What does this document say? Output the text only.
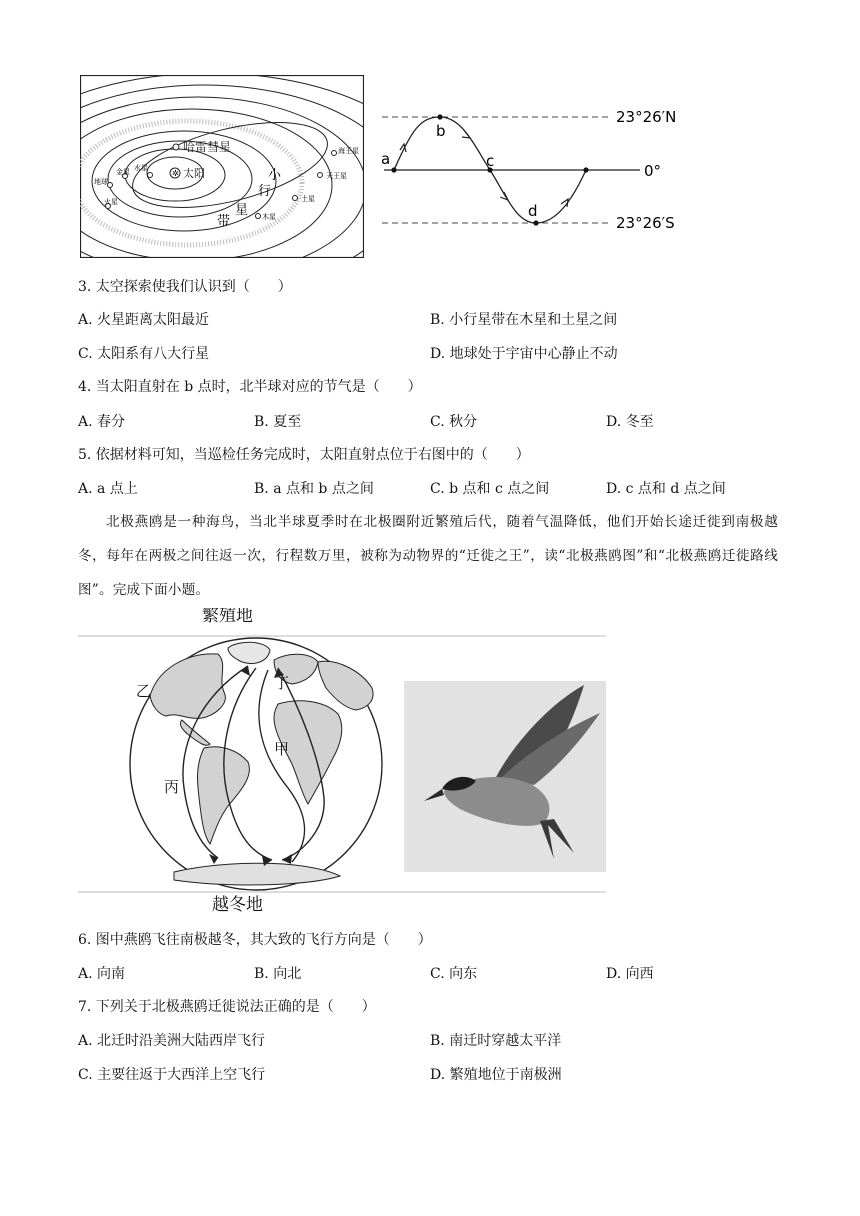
✲ 太阳
哈雷彗星
水星
金星
地球
火星
木星
土星
天王星
海王星
小
行
星
带
a
b
c
d
23°26′N
0°
23°26′S
3. 太空探索使我们认识到（　　）
A. 火星距离太阳最近	B. 小行星带在木星和土星之间
C. 太阳系有八大行星	D. 地球处于宇宙中心静止不动
4. 当太阳直射在 b 点时，北半球对应的节气是（　　）
A. 春分	B. 夏至	C. 秋分	D. 冬至
5. 依据材料可知，当巡检任务完成时，太阳直射点位于右图中的（　　）
A. a 点上	B. a 点和 b 点之间	C. b 点和 c 点之间	D. c 点和 d 点之间
北极燕鸥是一种海鸟，当北半球夏季时在北极圈附近繁殖后代，随着气温降低，他们开始长途迁徙到南极越冬，每年在两极之间往返一次，行程数万里，被称为动物界的“迁徙之王”，读“北极燕鸥图”和“北极燕鸥迁徙路线图”。完成下面小题。
繁殖地
越冬地
乙	丁
甲
丙
6. 图中燕鸥飞往南极越冬，其大致的飞行方向是（　　）
A. 向南	B. 向北	C. 向东	D. 向西
7. 下列关于北极燕鸥迁徙说法正确的是（　　）
A. 北迁时沿美洲大陆西岸飞行	B. 南迁时穿越太平洋
C. 主要往返于大西洋上空飞行	D. 繁殖地位于南极洲
